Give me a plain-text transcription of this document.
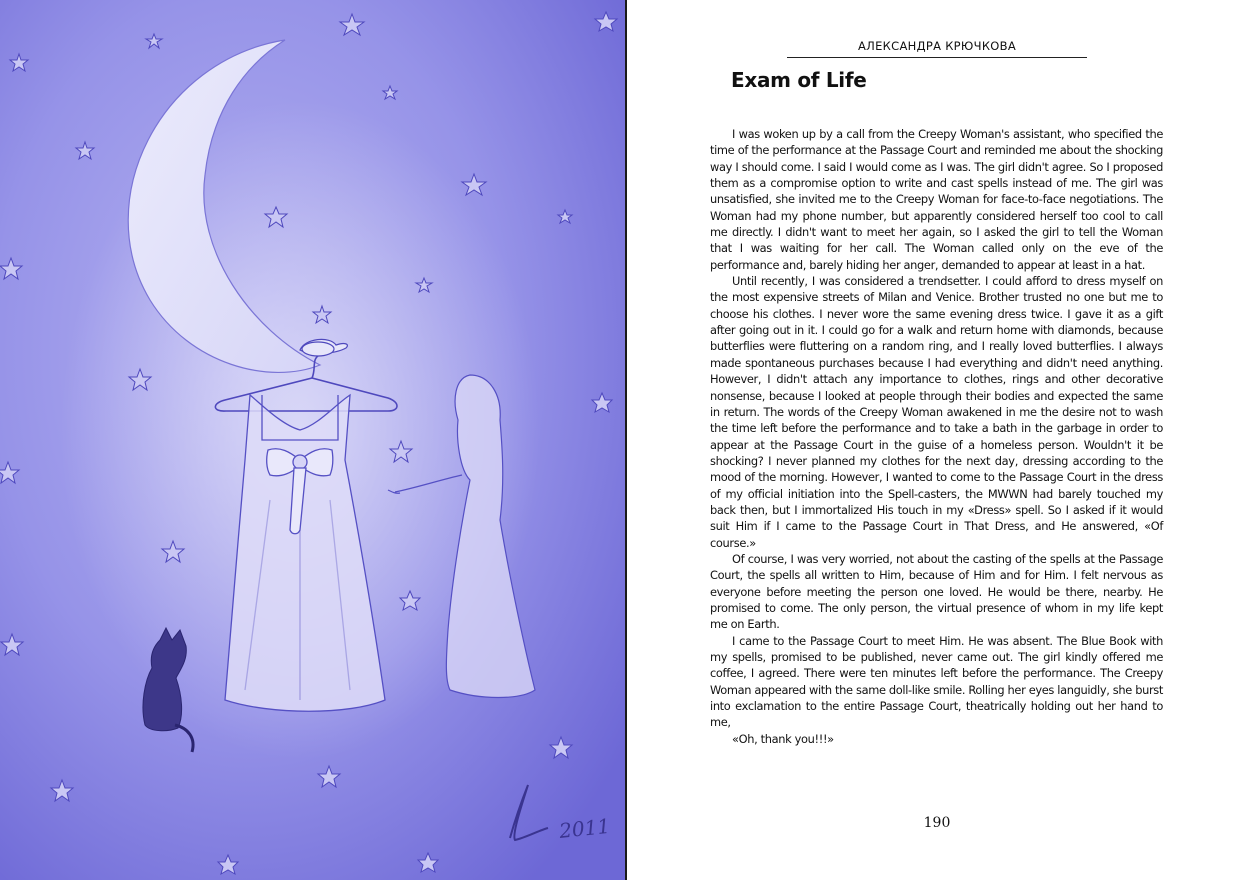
2011
АЛЕКСАНДРА КРЮЧКОВА
Exam of Life

I was woken up by a call from the Creepy Woman's assistant, who specified the time of the performance at the Passage Court and reminded me about the shocking way I should come. I said I would come as I was. The girl didn't agree. So I proposed them as a compromise option to write and cast spells instead of me. The girl was unsatisfied, she invited me to the Creepy Woman for face-to-face negotiations. The Woman had my phone number, but apparently considered herself too cool to call me directly. I didn't want to meet her again, so I asked the girl to tell the Woman that I was waiting for her call. The Woman called only on the eve of the performance and, barely hiding her anger, demanded to appear at least in a hat.

Until recently, I was considered a trendsetter. I could afford to dress myself on the most expensive streets of Milan and Venice. Brother trusted no one but me to choose his clothes. I never wore the same evening dress twice. I gave it as a gift after going out in it. I could go for a walk and return home with diamonds, because butterflies were fluttering on a random ring, and I really loved butterflies. I always made spontaneous purchases because I had everything and didn't need anything. However, I didn't attach any importance to clothes, rings and other decorative nonsense, because I looked at people through their bodies and expected the same in return. The words of the Creepy Woman awakened in me the desire not to wash the time left before the performance and to take a bath in the garbage in order to appear at the Passage Court in the guise of a homeless person. Wouldn't it be shocking? I never planned my clothes for the next day, dressing according to the mood of the morning. However, I wanted to come to the Passage Court in the dress of my official initiation into the Spell-casters, the MWWN had barely touched my back then, but I immortalized His touch in my «Dress» spell. So I asked if it would suit Him if I came to the Passage Court in That Dress, and He answered, «Of course.»

Of course, I was very worried, not about the casting of the spells at the Passage Court, the spells all written to Him, because of Him and for Him. I felt nervous as everyone before meeting the person one loved. He would be there, nearby. He promised to come. The only person, the virtual presence of whom in my life kept me on Earth.

I came to the Passage Court to meet Him. He was absent. The Blue Book with my spells, promised to be published, never came out. The girl kindly offered me coffee, I agreed. There were ten minutes left before the performance. The Creepy Woman appeared with the same doll-like smile. Rolling her eyes languidly, she burst into exclamation to the entire Passage Court, theatrically holding out her hand to me,

«Oh, thank you!!!»

190
